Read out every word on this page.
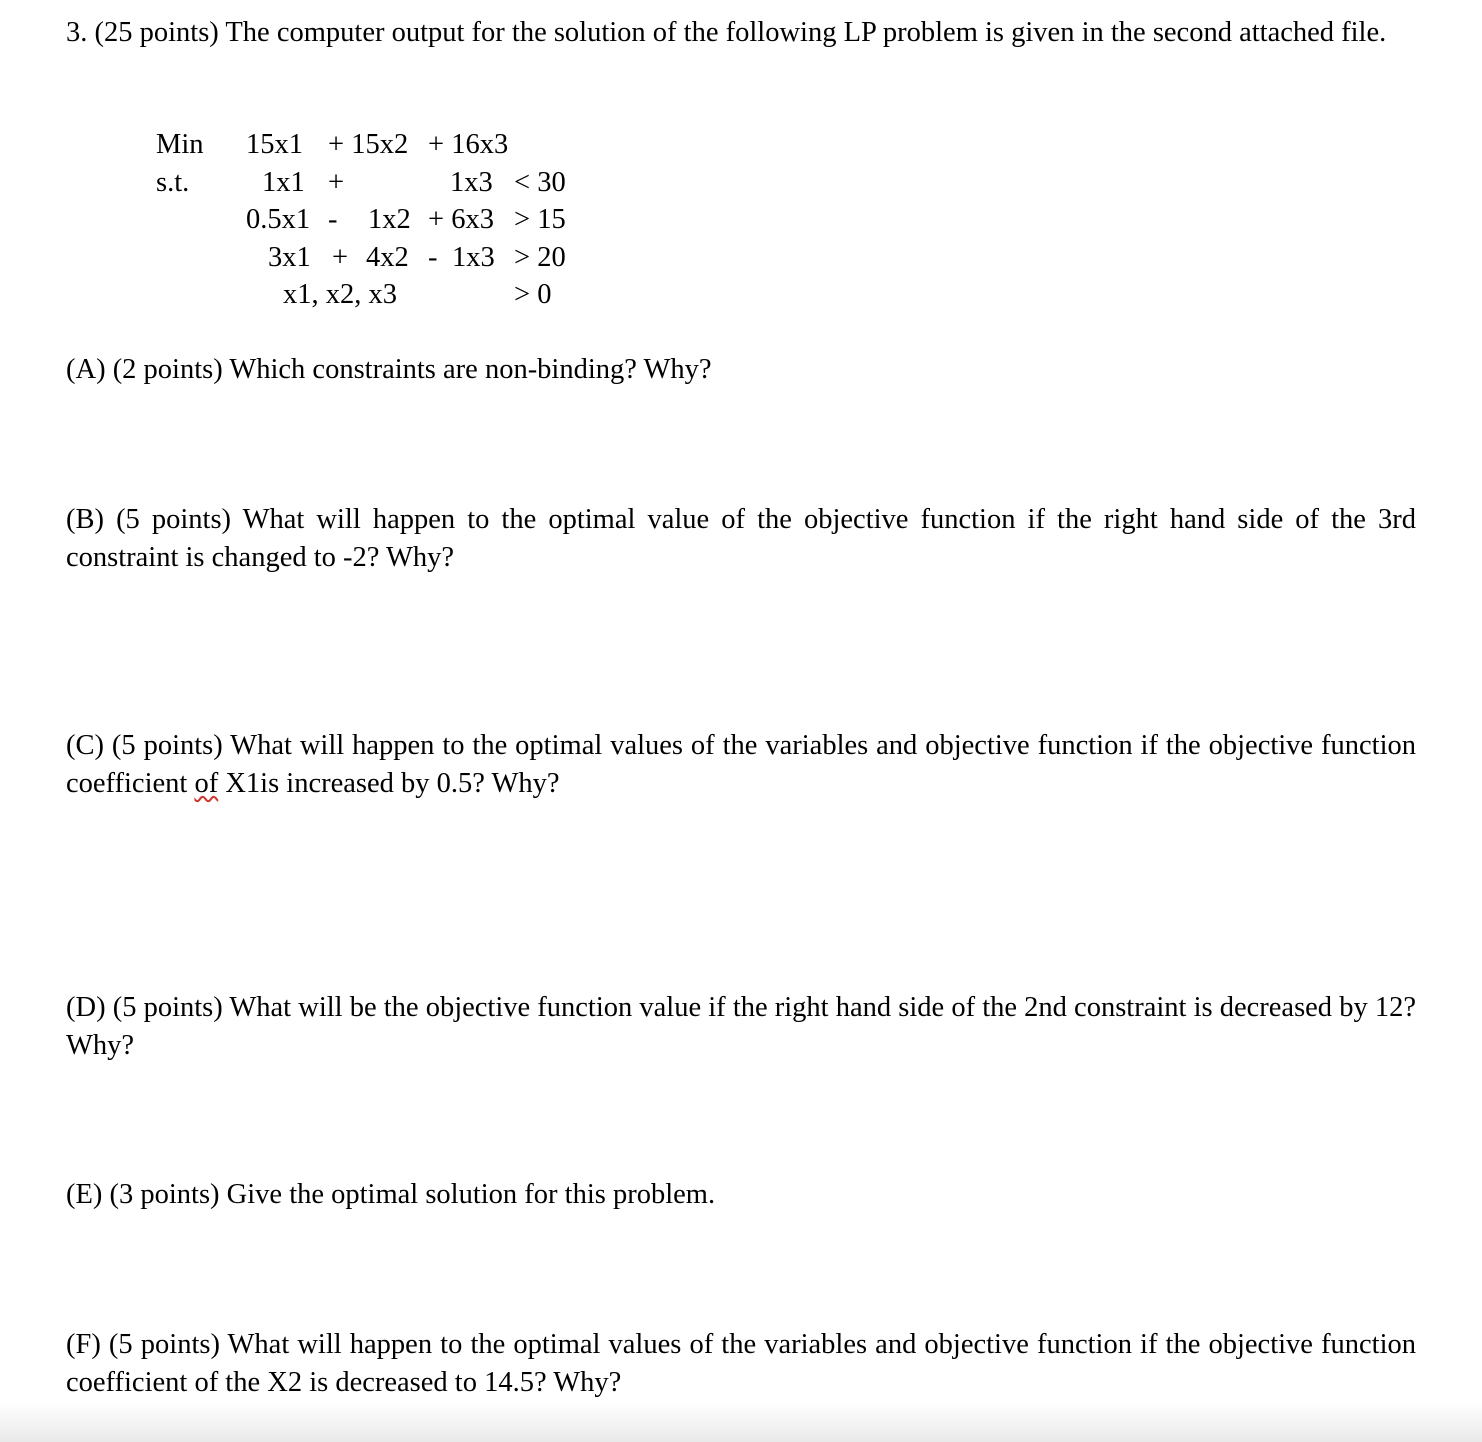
3. (25 points) The computer output for the solution of the following LP problem is given in the second attached file.

Min 15x1 + 15x2 + 16x3
s.t.	1x1 +	1x3 < 30
0.5x1 - 1x2 + 6x3 > 15
3x1 + 4x2 - 1x3 > 20
x1, x2, x3	> 0

(A) (2 points) Which constraints are non-binding? Why?

(B) (5 points) What will happen to the optimal value of the objective function if the right hand side of the 3rd constraint is changed to -2? Why?

(C) (5 points) What will happen to the optimal values of the variables and objective function if the objective function coefficient of X1is increased by 0.5? Why?

(D) (5 points) What will be the objective function value if the right hand side of the 2nd constraint is decreased by 12? Why?

(E) (3 points) Give the optimal solution for this problem.

(F) (5 points) What will happen to the optimal values of the variables and objective function if the objective function coefficient of the X2 is decreased to 14.5? Why?
